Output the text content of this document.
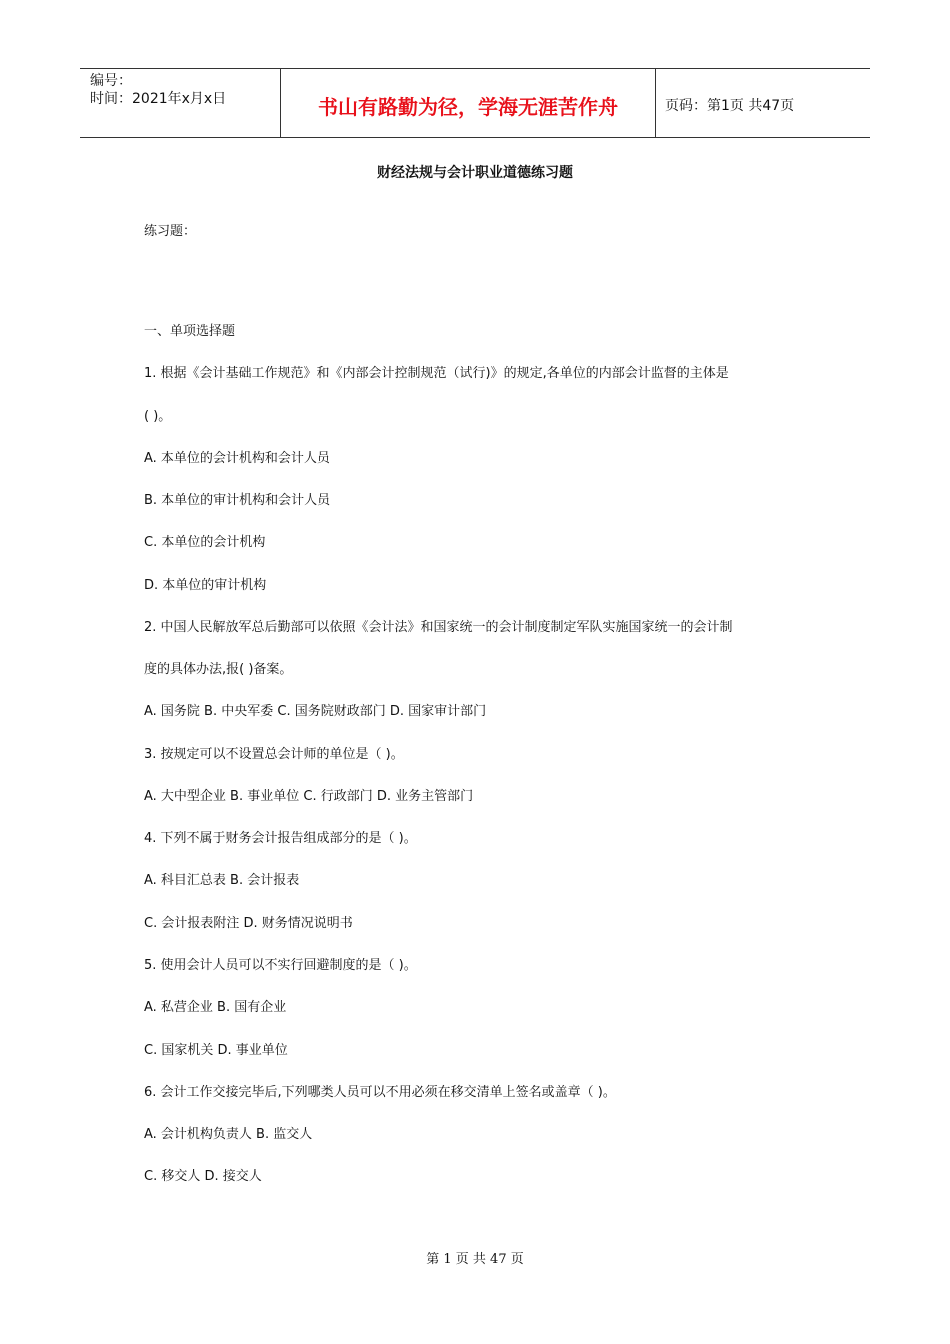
编号：
时间：2021年x月x日	书山有路勤为径，学海无涯苦作舟	页码：第1页 共47页
财经法规与会计职业道德练习题
练习题：
一、单项选择题
1. 根据《会计基础工作规范》和《内部会计控制规范（试行)》的规定,各单位的内部会计监督的主体是
( )。
A. 本单位的会计机构和会计人员
B. 本单位的审计机构和会计人员
C. 本单位的会计机构
D. 本单位的审计机构
2. 中国人民解放军总后勤部可以依照《会计法》和国家统一的会计制度制定军队实施国家统一的会计制
度的具体办法,报( )备案。
A. 国务院 B. 中央军委 C. 国务院财政部门 D. 国家审计部门
3. 按规定可以不设置总会计师的单位是（ )。
A. 大中型企业 B. 事业单位 C. 行政部门 D. 业务主管部门
4. 下列不属于财务会计报告组成部分的是（ )。
A. 科目汇总表 B. 会计报表
C. 会计报表附注 D. 财务情况说明书
5. 使用会计人员可以不实行回避制度的是（ )。
A. 私营企业 B. 国有企业
C. 国家机关 D. 事业单位
6. 会计工作交接完毕后,下列哪类人员可以不用必须在移交清单上签名或盖章（ )。
A. 会计机构负责人 B. 监交人
C. 移交人 D. 接交人
第 1 页 共 47 页
